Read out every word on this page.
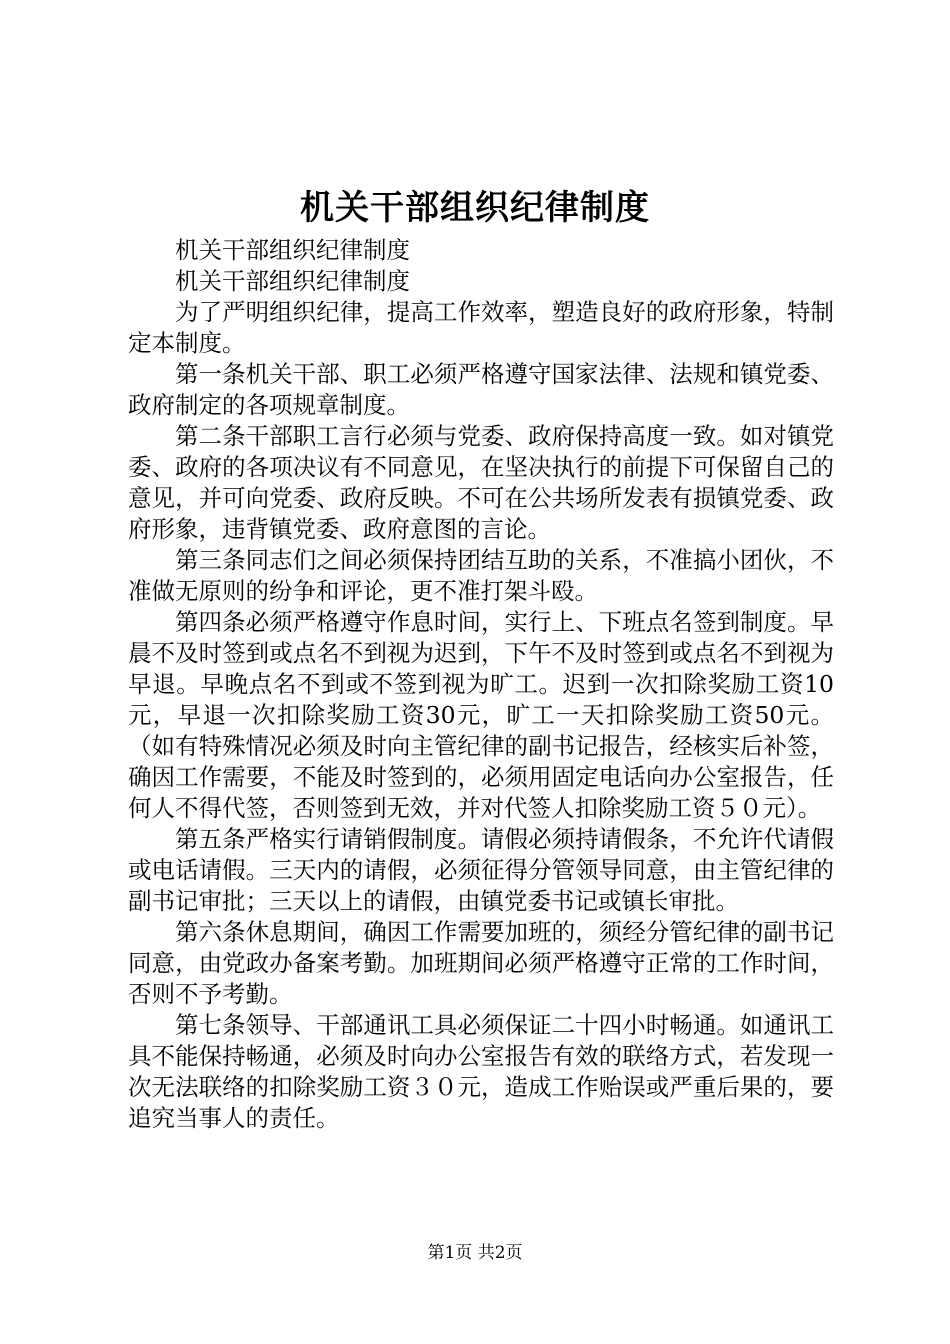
机关干部组织纪律制度

机关干部组织纪律制度

机关干部组织纪律制度

为了严明组织纪律，提高工作效率，塑造良好的政府形象，特制定本制度。

第一条机关干部、职工必须严格遵守国家法律、法规和镇党委、政府制定的各项规章制度。

第二条干部职工言行必须与党委、政府保持高度一致。如对镇党委、政府的各项决议有不同意见，在坚决执行的前提下可保留自己的意见，并可向党委、政府反映。不可在公共场所发表有损镇党委、政府形象，违背镇党委、政府意图的言论。

第三条同志们之间必须保持团结互助的关系，不准搞小团伙，不准做无原则的纷争和评论，更不准打架斗殴。

第四条必须严格遵守作息时间，实行上、下班点名签到制度。早晨不及时签到或点名不到视为迟到，下午不及时签到或点名不到视为早退。早晚点名不到或不签到视为旷工。迟到一次扣除奖励工资10元，早退一次扣除奖励工资30元，旷工一天扣除奖励工资50元。（如有特殊情况必须及时向主管纪律的副书记报告，经核实后补签，确因工作需要，不能及时签到的，必须用固定电话向办公室报告，任何人不得代签，否则签到无效，并对代签人扣除奖励工资５０元）。

第五条严格实行请销假制度。请假必须持请假条，不允许代请假或电话请假。三天内的请假，必须征得分管领导同意，由主管纪律的副书记审批；三天以上的请假，由镇党委书记或镇长审批。

第六条休息期间，确因工作需要加班的，须经分管纪律的副书记同意，由党政办备案考勤。加班期间必须严格遵守正常的工作时间，否则不予考勤。

第七条领导、干部通讯工具必须保证二十四小时畅通。如通讯工具不能保持畅通，必须及时向办公室报告有效的联络方式，若发现一次无法联络的扣除奖励工资３０元，造成工作贻误或严重后果的，要追究当事人的责任。

第1页 共2页
